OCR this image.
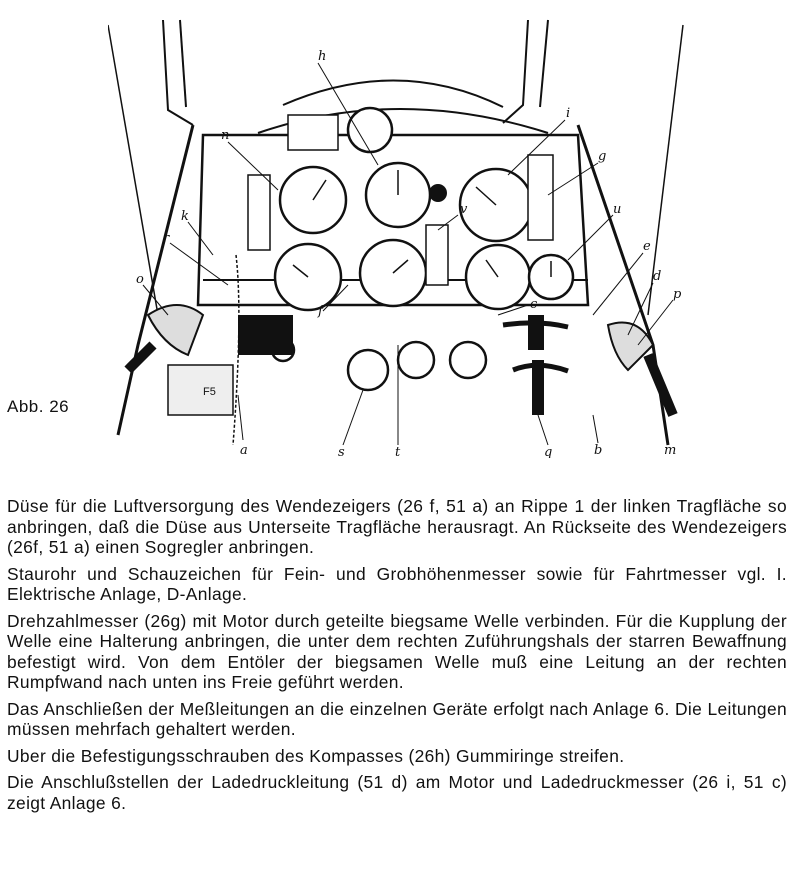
F5
h
n
i
g
u
k	v
r
e
o	d
p
c
f
a	s	t	q	b	m
Abb. 26

Düse für die Luftversorgung des Wendezeigers (26 f, 51 a) an Rippe 1 der linken Tragfläche so anbringen, daß die Düse aus Unterseite Tragfläche herausragt. An Rückseite des Wendezeigers (26f, 51 a) einen Sogregler anbringen.

Staurohr und Schauzeichen für Fein- und Grobhöhenmesser sowie für Fahrtmesser vgl. I. Elektrische Anlage, D-Anlage.

Drehzahlmesser (26g) mit Motor durch geteilte biegsame Welle verbinden. Für die Kupplung der Welle eine Halterung anbringen, die unter dem rechten Zuführungshals der starren Bewaffnung befestigt wird. Von dem Entöler der biegsamen Welle muß eine Leitung an der rechten Rumpfwand nach unten ins Freie geführt werden.

Das Anschließen der Meßleitungen an die einzelnen Geräte erfolgt nach Anlage 6. Die Leitungen müssen mehrfach gehaltert werden.

Uber die Befestigungsschrauben des Kompasses (26h) Gummiringe streifen.

Die Anschlußstellen der Ladedruckleitung (51 d) am Motor und Ladedruckmesser (26 i, 51 c) zeigt Anlage 6.
